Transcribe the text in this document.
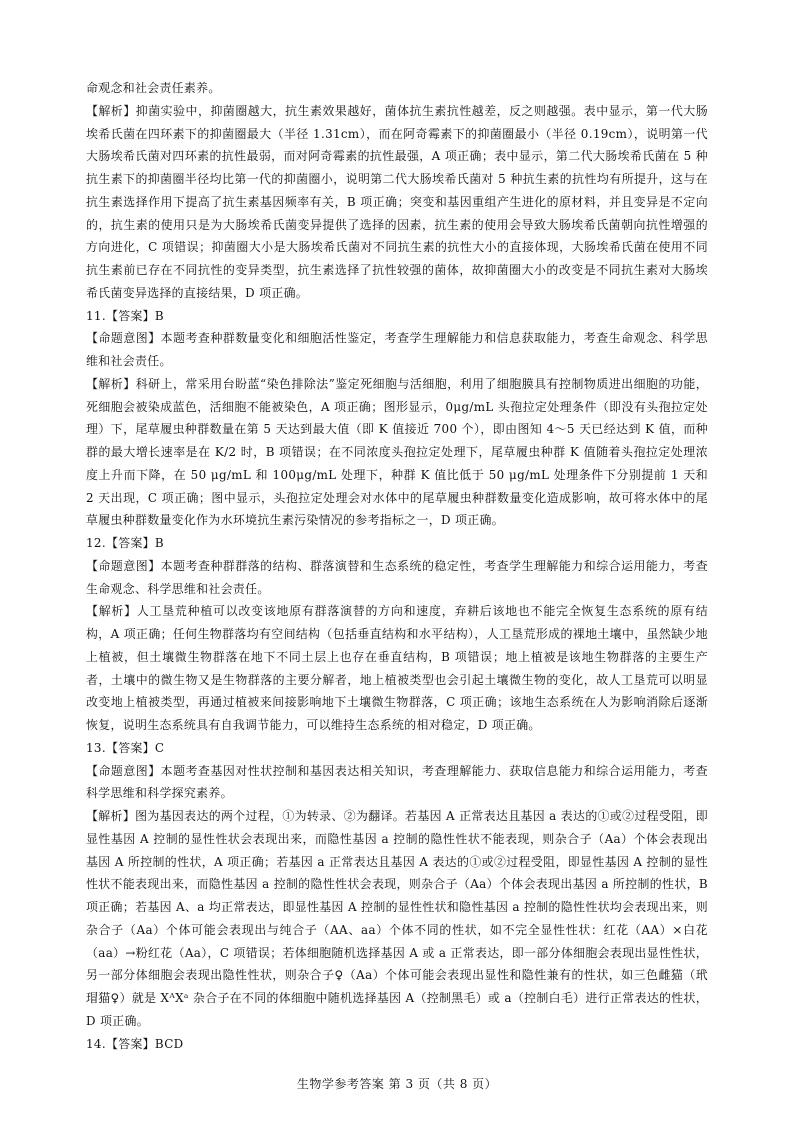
命观念和社会责任素养。

【解析】抑菌实验中，抑菌圈越大，抗生素效果越好，菌体抗生素抗性越差，反之则越强。表中显示，第一代大肠埃希氏菌在四环素下的抑菌圈最大（半径 1.31cm），而在阿奇霉素下的抑菌圈最小（半径 0.19cm），说明第一代大肠埃希氏菌对四环素的抗性最弱，而对阿奇霉素的抗性最强，A 项正确；表中显示，第二代大肠埃希氏菌在 5 种抗生素下的抑菌圈半径均比第一代的抑菌圈小，说明第二代大肠埃希氏菌对 5 种抗生素的抗性均有所提升，这与在抗生素选择作用下提高了抗生素基因频率有关，B 项正确；突变和基因重组产生进化的原材料，并且变异是不定向的，抗生素的使用只是为大肠埃希氏菌变异提供了选择的因素，抗生素的使用会导致大肠埃希氏菌朝向抗性增强的方向进化，C 项错误；抑菌圈大小是大肠埃希氏菌对不同抗生素的抗性大小的直接体现，大肠埃希氏菌在使用不同抗生素前已存在不同抗性的变异类型，抗生素选择了抗性较强的菌体，故抑菌圈大小的改变是不同抗生素对大肠埃希氏菌变异选择的直接结果，D 项正确。

11.【答案】B

【命题意图】本题考查种群数量变化和细胞活性鉴定，考查学生理解能力和信息获取能力，考查生命观念、科学思维和社会责任。

【解析】科研上，常采用台盼蓝“染色排除法”鉴定死细胞与活细胞，利用了细胞膜具有控制物质进出细胞的功能，死细胞会被染成蓝色，活细胞不能被染色，A 项正确；图形显示，0μg/mL 头孢拉定处理条件（即没有头孢拉定处理）下，尾草履虫种群数量在第 5 天达到最大值（即 K 值接近 700 个），即由图知 4～5 天已经达到 K 值，而种群的最大增长速率是在 K/2 时，B 项错误；在不同浓度头孢拉定处理下，尾草履虫种群 K 值随着头孢拉定处理浓度上升而下降，在 50 μg/mL 和 100μg/mL 处理下，种群 K 值比低于 50 μg/mL 处理条件下分别提前 1 天和 2 天出现，C 项正确；图中显示，头孢拉定处理会对水体中的尾草履虫种群数量变化造成影响，故可将水体中的尾草履虫种群数量变化作为水环境抗生素污染情况的参考指标之一，D 项正确。

12.【答案】B

【命题意图】本题考查种群群落的结构、群落演替和生态系统的稳定性，考查学生理解能力和综合运用能力，考查生命观念、科学思维和社会责任。

【解析】人工垦荒种植可以改变该地原有群落演替的方向和速度，弃耕后该地也不能完全恢复生态系统的原有结构，A 项正确；任何生物群落均有空间结构（包括垂直结构和水平结构），人工垦荒形成的裸地土壤中，虽然缺少地上植被，但土壤微生物群落在地下不同土层上也存在垂直结构，B 项错误；地上植被是该地生物群落的主要生产者，土壤中的微生物又是生物群落的主要分解者，地上植被类型也会引起土壤微生物的变化，故人工垦荒可以明显改变地上植被类型，再通过植被来间接影响地下土壤微生物群落，C 项正确；该地生态系统在人为影响消除后逐渐恢复，说明生态系统具有自我调节能力，可以维持生态系统的相对稳定，D 项正确。

13.【答案】C

【命题意图】本题考查基因对性状控制和基因表达相关知识，考查理解能力、获取信息能力和综合运用能力，考查科学思维和科学探究素养。

【解析】图为基因表达的两个过程，①为转录、②为翻译。若基因 A 正常表达且基因 a 表达的①或②过程受阻，即显性基因 A 控制的显性性状会表现出来，而隐性基因 a 控制的隐性性状不能表现，则杂合子（Aa）个体会表现出基因 A 所控制的性状，A 项正确；若基因 a 正常表达且基因 A 表达的①或②过程受阻，即显性基因 A 控制的显性性状不能表现出来，而隐性基因 a 控制的隐性性状会表现，则杂合子（Aa）个体会表现出基因 a 所控制的性状，B 项正确；若基因 A、a 均正常表达，即显性基因 A 控制的显性性状和隐性基因 a 控制的隐性性状均会表现出来，则杂合子（Aa）个体可能会表现出与纯合子（AA、aa）个体不同的性状，如不完全显性性状：红花（AA）×白花（aa）→粉红花（Aa），C 项错误；若体细胞随机选择基因 A 或 a 正常表达，即一部分体细胞会表现出显性性状，另一部分体细胞会表现出隐性性状，则杂合子♀（Aa）个体可能会表现出显性和隐性兼有的性状，如三色雌猫（玳瑁猫♀）就是 XᴬXᵃ 杂合子在不同的体细胞中随机选择基因 A（控制黑毛）或 a（控制白毛）进行正常表达的性状，D 项正确。

14.【答案】BCD

生物学参考答案 第 3 页（共 8 页）
